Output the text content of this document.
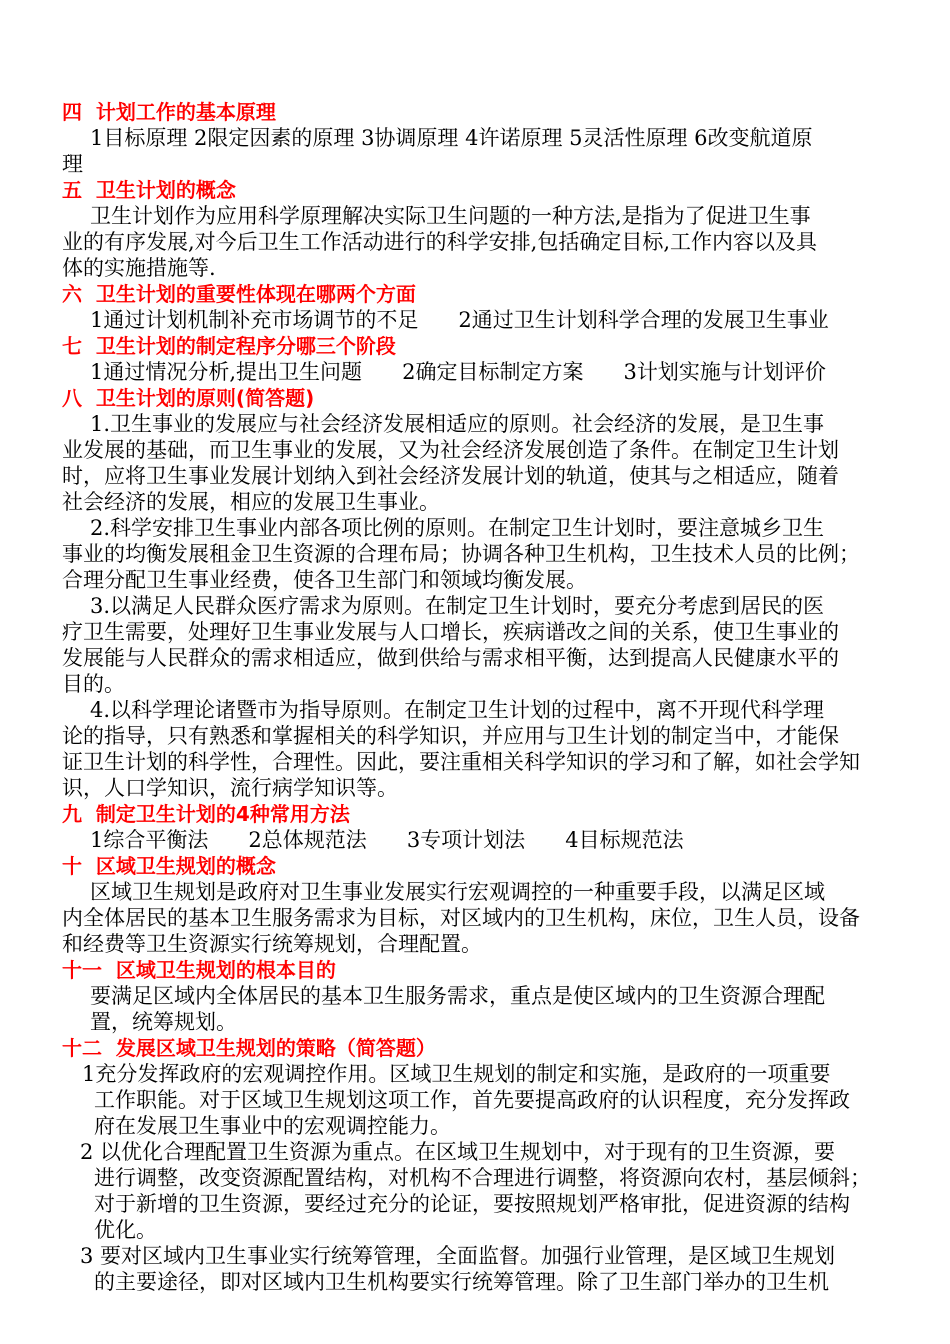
四  计划工作的基本原理
1目标原理 2限定因素的原理 3协调原理 4许诺原理 5灵活性原理 6改变航道原
理
五  卫生计划的概念
卫生计划作为应用科学原理解决实际卫生问题的一种方法,是指为了促进卫生事
业的有序发展,对今后卫生工作活动进行的科学安排,包括确定目标,工作内容以及具
体的实施措施等.
六  卫生计划的重要性体现在哪两个方面
1通过计划机制补充市场调节的不足      2通过卫生计划科学合理的发展卫生事业
七  卫生计划的制定程序分哪三个阶段
1通过情况分析,提出卫生问题      2确定目标制定方案      3计划实施与计划评价
八  卫生计划的原则(简答题)
1.卫生事业的发展应与社会经济发展相适应的原则。社会经济的发展，是卫生事
业发展的基础，而卫生事业的发展，又为社会经济发展创造了条件。在制定卫生计划
时，应将卫生事业发展计划纳入到社会经济发展计划的轨道，使其与之相适应，随着
社会经济的发展，相应的发展卫生事业。
2.科学安排卫生事业内部各项比例的原则。在制定卫生计划时，要注意城乡卫生
事业的均衡发展租金卫生资源的合理布局；协调各种卫生机构，卫生技术人员的比例；
合理分配卫生事业经费，使各卫生部门和领域均衡发展。
3.以满足人民群众医疗需求为原则。在制定卫生计划时，要充分考虑到居民的医
疗卫生需要，处理好卫生事业发展与人口增长，疾病谱改之间的关系，使卫生事业的
发展能与人民群众的需求相适应，做到供给与需求相平衡，达到提高人民健康水平的
目的。
4.以科学理论诸暨市为指导原则。在制定卫生计划的过程中，离不开现代科学理
论的指导，只有熟悉和掌握相关的科学知识，并应用与卫生计划的制定当中，才能保
证卫生计划的科学性，合理性。因此，要注重相关科学知识的学习和了解，如社会学知
识，人口学知识，流行病学知识等。
九  制定卫生计划的4种常用方法
1综合平衡法      2总体规范法      3专项计划法      4目标规范法
十  区域卫生规划的概念
区域卫生规划是政府对卫生事业发展实行宏观调控的一种重要手段，以满足区域
内全体居民的基本卫生服务需求为目标，对区域内的卫生机构，床位，卫生人员，设备
和经费等卫生资源实行统筹规划，合理配置。
十一  区域卫生规划的根本目的
要满足区域内全体居民的基本卫生服务需求，重点是使区域内的卫生资源合理配
置，统筹规划。
十二  发展区域卫生规划的策略（简答题）
1充分发挥政府的宏观调控作用。区域卫生规划的制定和实施，是政府的一项重要
工作职能。对于区域卫生规划这项工作，首先要提高政府的认识程度，充分发挥政
府在发展卫生事业中的宏观调控能力。
2 以优化合理配置卫生资源为重点。在区域卫生规划中，对于现有的卫生资源，要
进行调整，改变资源配置结构，对机构不合理进行调整，将资源向农村，基层倾斜；
对于新增的卫生资源，要经过充分的论证，要按照规划严格审批，促进资源的结构
优化。
3 要对区域内卫生事业实行统筹管理，全面监督。加强行业管理，是区域卫生规划
的主要途径，即对区域内卫生机构要实行统筹管理。除了卫生部门举办的卫生机
